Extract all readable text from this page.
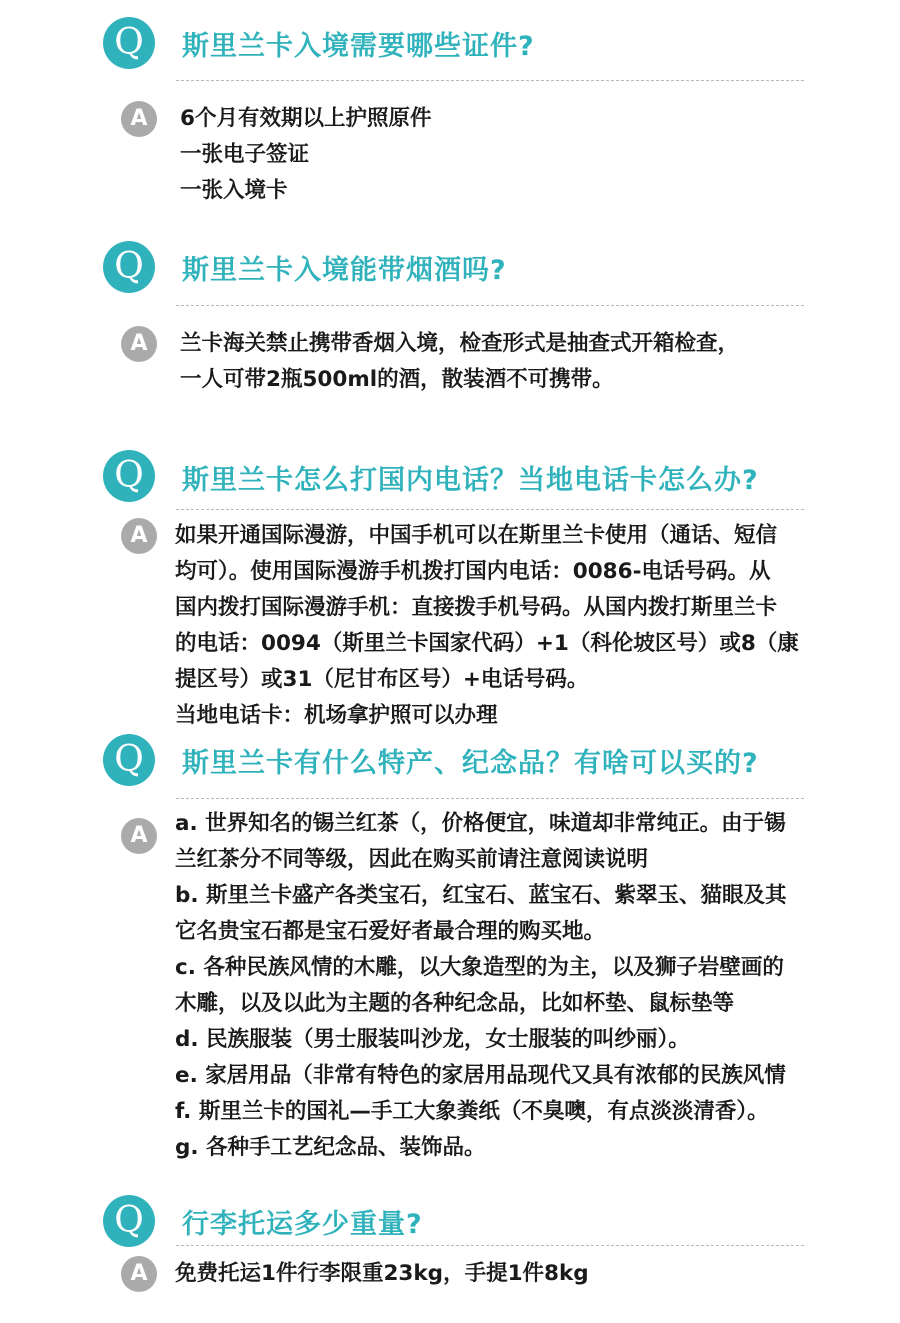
Q	斯里兰卡入境需要哪些证件?
A	6个月有效期以上护照原件
一张电子签证
一张入境卡
Q	斯里兰卡入境能带烟酒吗?
A	兰卡海关禁止携带香烟入境，检查形式是抽查式开箱检查，
一人可带2瓶500ml的酒，散装酒不可携带。
Q	斯里兰卡怎么打国内电话？当地电话卡怎么办?
A	如果开通国际漫游，中国手机可以在斯里兰卡使用（通话、短信
均可）。使用国际漫游手机拨打国内电话：0086-电话号码。从
国内拨打国际漫游手机：直接拨手机号码。从国内拨打斯里兰卡
的电话：0094（斯里兰卡国家代码）+1（科伦坡区号）或8（康
提区号）或31（尼甘布区号）+电话号码。
当地电话卡：机场拿护照可以办理
Q	斯里兰卡有什么特产、纪念品？有啥可以买的?
A	a. 世界知名的锡兰红茶（，价格便宜，味道却非常纯正。由于锡
兰红茶分不同等级，因此在购买前请注意阅读说明
b. 斯里兰卡盛产各类宝石，红宝石、蓝宝石、紫翠玉、猫眼及其
它名贵宝石都是宝石爱好者最合理的购买地。
c. 各种民族风情的木雕，以大象造型的为主，以及狮子岩壁画的
木雕，以及以此为主题的各种纪念品，比如杯垫、鼠标垫等
d. 民族服装（男士服装叫沙龙，女士服装的叫纱丽）。
e. 家居用品（非常有特色的家居用品现代又具有浓郁的民族风情
f. 斯里兰卡的国礼—手工大象粪纸（不臭噢，有点淡淡清香）。
g. 各种手工艺纪念品、装饰品。
Q	行李托运多少重量?
A	免费托运1件行李限重23kg，手提1件8kg
